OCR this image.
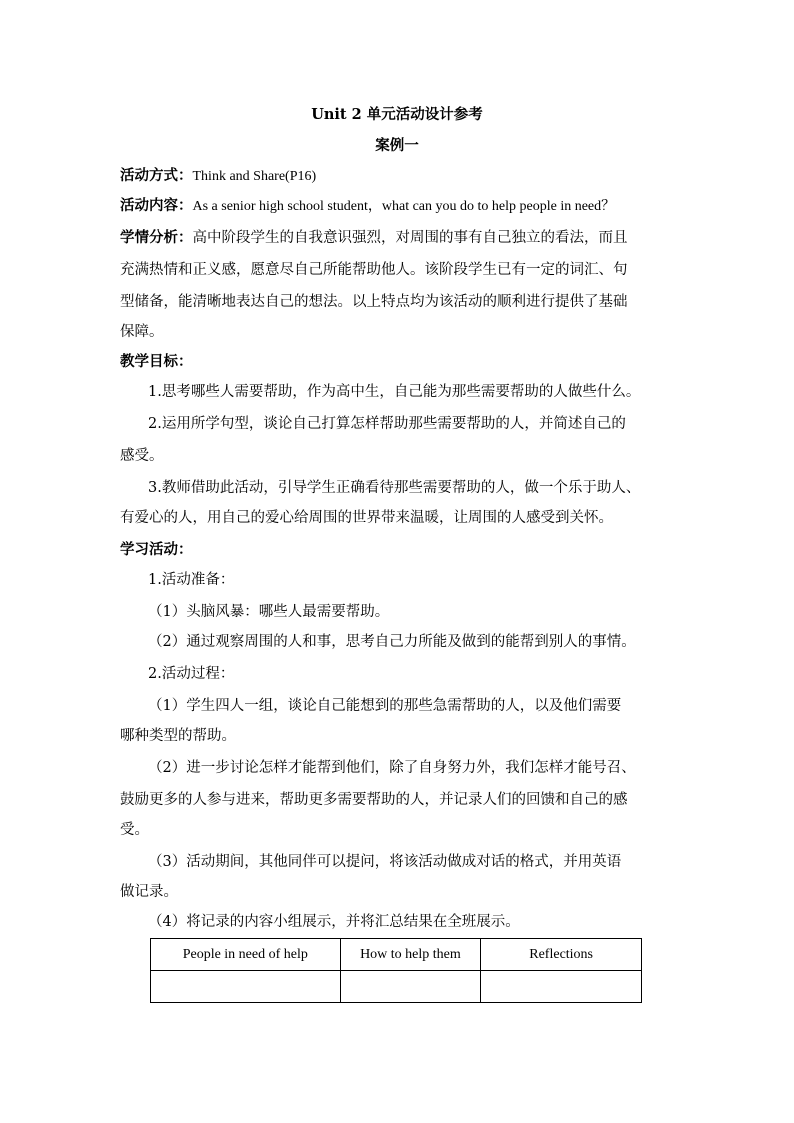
Unit 2 单元活动设计参考
案例一
活动方式：Think and Share(P16)
活动内容：As a senior high school student，what can you do to help people in need？
学情分析：高中阶段学生的自我意识强烈，对周围的事有自己独立的看法，而且
充满热情和正义感，愿意尽自己所能帮助他人。该阶段学生已有一定的词汇、句
型储备，能清晰地表达自己的想法。以上特点均为该活动的顺利进行提供了基础
保障。
教学目标：
1.思考哪些人需要帮助，作为高中生，自己能为那些需要帮助的人做些什么。
2.运用所学句型，谈论自己打算怎样帮助那些需要帮助的人，并简述自己的
感受。
3.教师借助此活动，引导学生正确看待那些需要帮助的人，做一个乐于助人、
有爱心的人，用自己的爱心给周围的世界带来温暖，让周围的人感受到关怀。
学习活动：
1.活动准备：
（1）头脑风暴：哪些人最需要帮助。
（2）通过观察周围的人和事，思考自己力所能及做到的能帮到别人的事情。
2.活动过程：
（1）学生四人一组，谈论自己能想到的那些急需帮助的人，以及他们需要
哪种类型的帮助。
（2）进一步讨论怎样才能帮到他们，除了自身努力外，我们怎样才能号召、
鼓励更多的人参与进来，帮助更多需要帮助的人，并记录人们的回馈和自己的感
受。
（3）活动期间，其他同伴可以提问，将该活动做成对话的格式，并用英语
做记录。
（4）将记录的内容小组展示，并将汇总结果在全班展示。
People in need of help	How to help them	Reflections
